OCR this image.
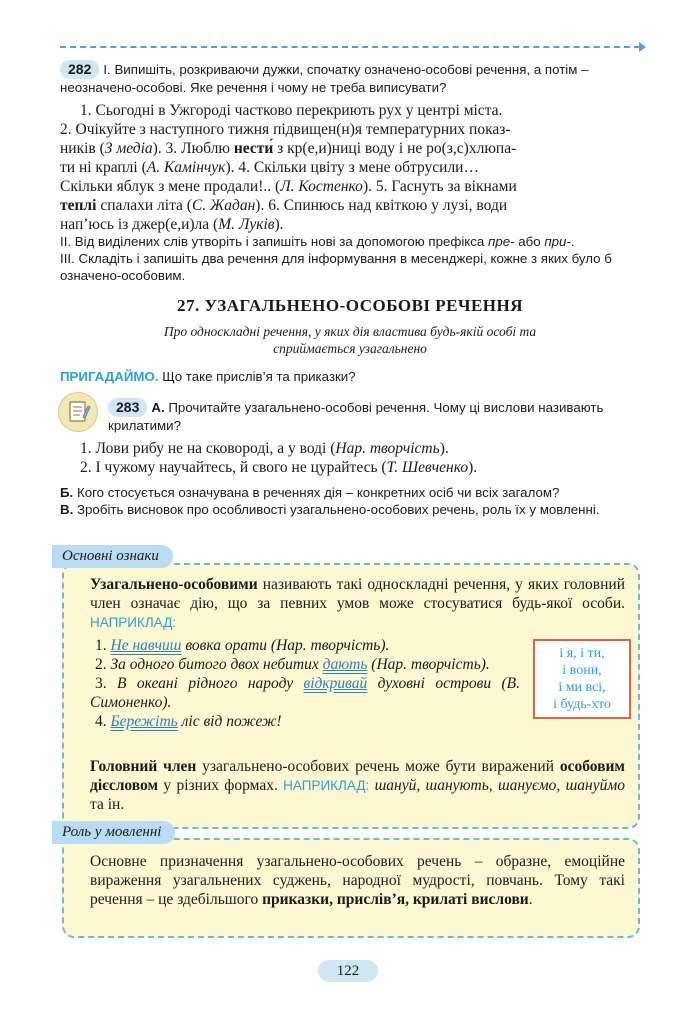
282 І. Випишіть, розкриваючи дужки, спочатку означено-особові речення, а потім – неозначено-особові. Яке речення і чому не треба виписувати?
1. Сьогодні в Ужгороді частково перекриють рух у центрі міста.
2. Очікуйте з наступного тижня підвищен(н)я температурних показ-
ників (З медіа). 3. Люблю нести́ з кр(е,и)ниці воду і не ро(з,с)хлюпа-
ти ні краплі (А. Камінчук). 4. Скільки цвіту з мене обтрусили…
Скільки яблук з мене продали!.. (Л. Костенко). 5. Гаснуть за вікнами
теплі спалахи літа (С. Жадан). 6. Спинюсь над квіткою у лузі, води
нап’юсь із джер(е,и)ла (М. Луків).
ІІ. Від виділених слів утворіть і запишіть нові за допомогою префікса пре- або при-.
ІІІ. Складіть і запишіть два речення для інформування в месенджері, кожне з яких було б означено-особовим.
27. УЗАГАЛЬНЕНО-ОСОБОВІ РЕЧЕННЯ
Про односкладні речення, у яких дія властива будь-якій особі та
сприймається узагальнено
ПРИГАДАЙМО. Що таке прислів’я та приказки?
283 А. Прочитайте узагальнено-особові речення. Чому ці вислови називають крилатими?
1. Лови рибу не на сковороді, а у воді (Нар. творчість).
2. І чужому научайтесь, й свого не цурайтесь (Т. Шевченко).
Б. Кого стосується означувана в реченнях дія – конкретних осіб чи всіх загалом?
В. Зробіть висновок про особливості узагальнено-особових речень, роль їх у мовленні.
Основні ознаки
Узагальнено-особовими називають такі односкладні речення, у яких головний член означає дію, що за певних умов може стосуватися будь-якої особи. НАПРИКЛАД:
1. Не навчиш вовка орати (Нар. творчість).
2. За одного битого двох небитих дають (Нар. творчість).
3. В океані рідного народу відкривай духовні острови (В. Симоненко).
4. Бережіть ліс від пожеж!
і я, і ти,
і вони,
і ми всі,
і будь-хто
Головний член узагальнено-особових речень може бути виражений особовим дієсловом у різних формах. НАПРИКЛАД: шануй, шанують, шануємо, шануймо та ін.
Роль у мовленні
Основне призначення узагальнено-особових речень – образне, емоційне вираження узагальнених суджень, народної мудрості, повчань. Тому такі речення – це здебільшого приказки, прислів’я, крилаті вислови.
122
